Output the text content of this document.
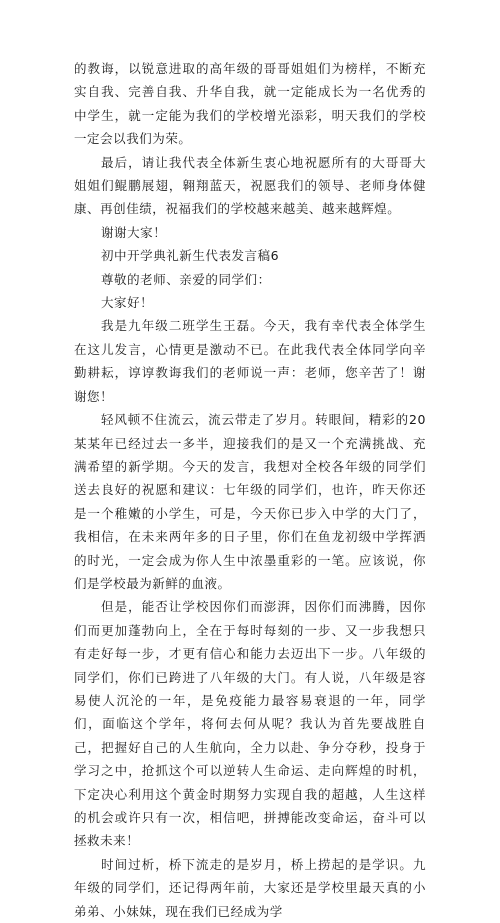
的教诲，以锐意进取的高年级的哥哥姐姐们为榜样，不断充实自我、完善自我、升华自我，就一定能成长为一名优秀的中学生，就一定能为我们的学校增光添彩，明天我们的学校一定会以我们为荣。

最后，请让我代表全体新生衷心地祝愿所有的大哥哥大姐姐们鲲鹏展翅，翱翔蓝天，祝愿我们的领导、老师身体健康、再创佳绩，祝福我们的学校越来越美、越来越辉煌。

谢谢大家！

初中开学典礼新生代表发言稿6

尊敬的老师、亲爱的同学们：

大家好！

我是九年级二班学生王磊。今天，我有幸代表全体学生在这儿发言，心情更是激动不已。在此我代表全体同学向辛勤耕耘，谆谆教诲我们的老师说一声：老师，您辛苦了！谢谢您！

轻风顿不住流云，流云带走了岁月。转眼间，精彩的20某某年已经过去一多半，迎接我们的是又一个充满挑战、充满希望的新学期。今天的发言，我想对全校各年级的同学们送去良好的祝愿和建议：七年级的同学们，也许，昨天你还是一个稚嫩的小学生，可是，今天你已步入中学的大门了，我相信，在未来两年多的日子里，你们在鱼龙初级中学挥洒的时光，一定会成为你人生中浓墨重彩的一笔。应该说，你们是学校最为新鲜的血液。

但是，能否让学校因你们而澎湃，因你们而沸腾，因你们而更加蓬勃向上，全在于每时每刻的一步、又一步我想只有走好每一步，才更有信心和能力去迈出下一步。八年级的同学们，你们已跨进了八年级的大门。有人说，八年级是容易使人沉沦的一年，是免疫能力最容易衰退的一年，同学们，面临这个学年，将何去何从呢？我认为首先要战胜自己，把握好自己的人生航向，全力以赴、争分夺秒，投身于学习之中，抢抓这个可以逆转人生命运、走向辉煌的时机，下定决心利用这个黄金时期努力实现自我的超越，人生这样的机会或许只有一次，相信吧，拼搏能改变命运，奋斗可以拯救未来！

时间过析，桥下流走的是岁月，桥上捞起的是学识。九年级的同学们，还记得两年前，大家还是学校里最天真的小弟弟、小妹妹，现在我们已经成为学
